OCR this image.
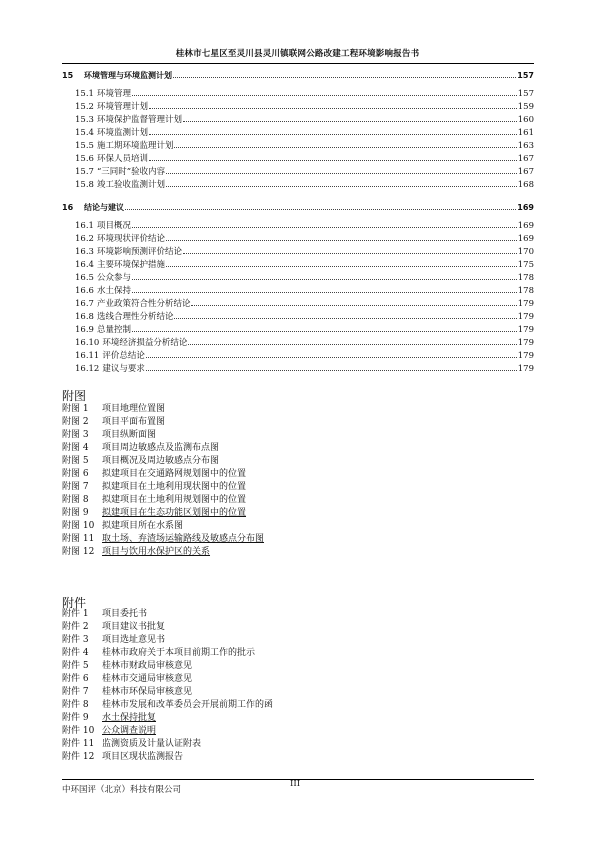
桂林市七星区至灵川县灵川镇联网公路改建工程环境影响报告书
15	环境管理与环境监测计划	157
15.1 环境管理	157
15.2 环境管理计划	159
15.3 环境保护监督管理计划	160
15.4 环境监测计划	161
15.5 施工期环境监理计划	163
15.6 环保人员培训	167
15.7 “三同时”验收内容	167
15.8 竣工验收监测计划	168
16	结论与建议	169
16.1 项目概况	169
16.2 环境现状评价结论	169
16.3 环境影响预测评价结论	170
16.4 主要环境保护措施	175
16.5 公众参与	178
16.6 水土保持	178
16.7 产业政策符合性分析结论	179
16.8 选线合理性分析结论	179
16.9 总量控制	179
16.10 环境经济损益分析结论	179
16.11 评价总结论	179
16.12 建议与要求	179
附图
附图 1 项目地理位置图
附图 2 项目平面布置图
附图 3 项目纵断面图
附图 4 项目周边敏感点及监测布点图
附图 5 项目概况及周边敏感点分布图
附图 6 拟建项目在交通路网规划图中的位置
附图 7 拟建项目在土地利用现状图中的位置
附图 8 拟建项目在土地利用规划图中的位置
附图 9 拟建项目在生态功能区划图中的位置
附图 10 拟建项目所在水系图
附图 11 取土场、弃渣场运输路线及敏感点分布图
附图 12 项目与饮用水保护区的关系
附件
附件 1 项目委托书
附件 2 项目建议书批复
附件 3 项目选址意见书
附件 4 桂林市政府关于本项目前期工作的批示
附件 5 桂林市财政局审核意见
附件 6 桂林市交通局审核意见
附件 7 桂林市环保局审核意见
附件 8 桂林市发展和改革委员会开展前期工作的函
附件 9 水土保持批复
附件 10 公众调查说明
附件 11 监测资质及计量认证附表
附件 12 项目区现状监测报告
中环国评（北京）科技有限公司
III
